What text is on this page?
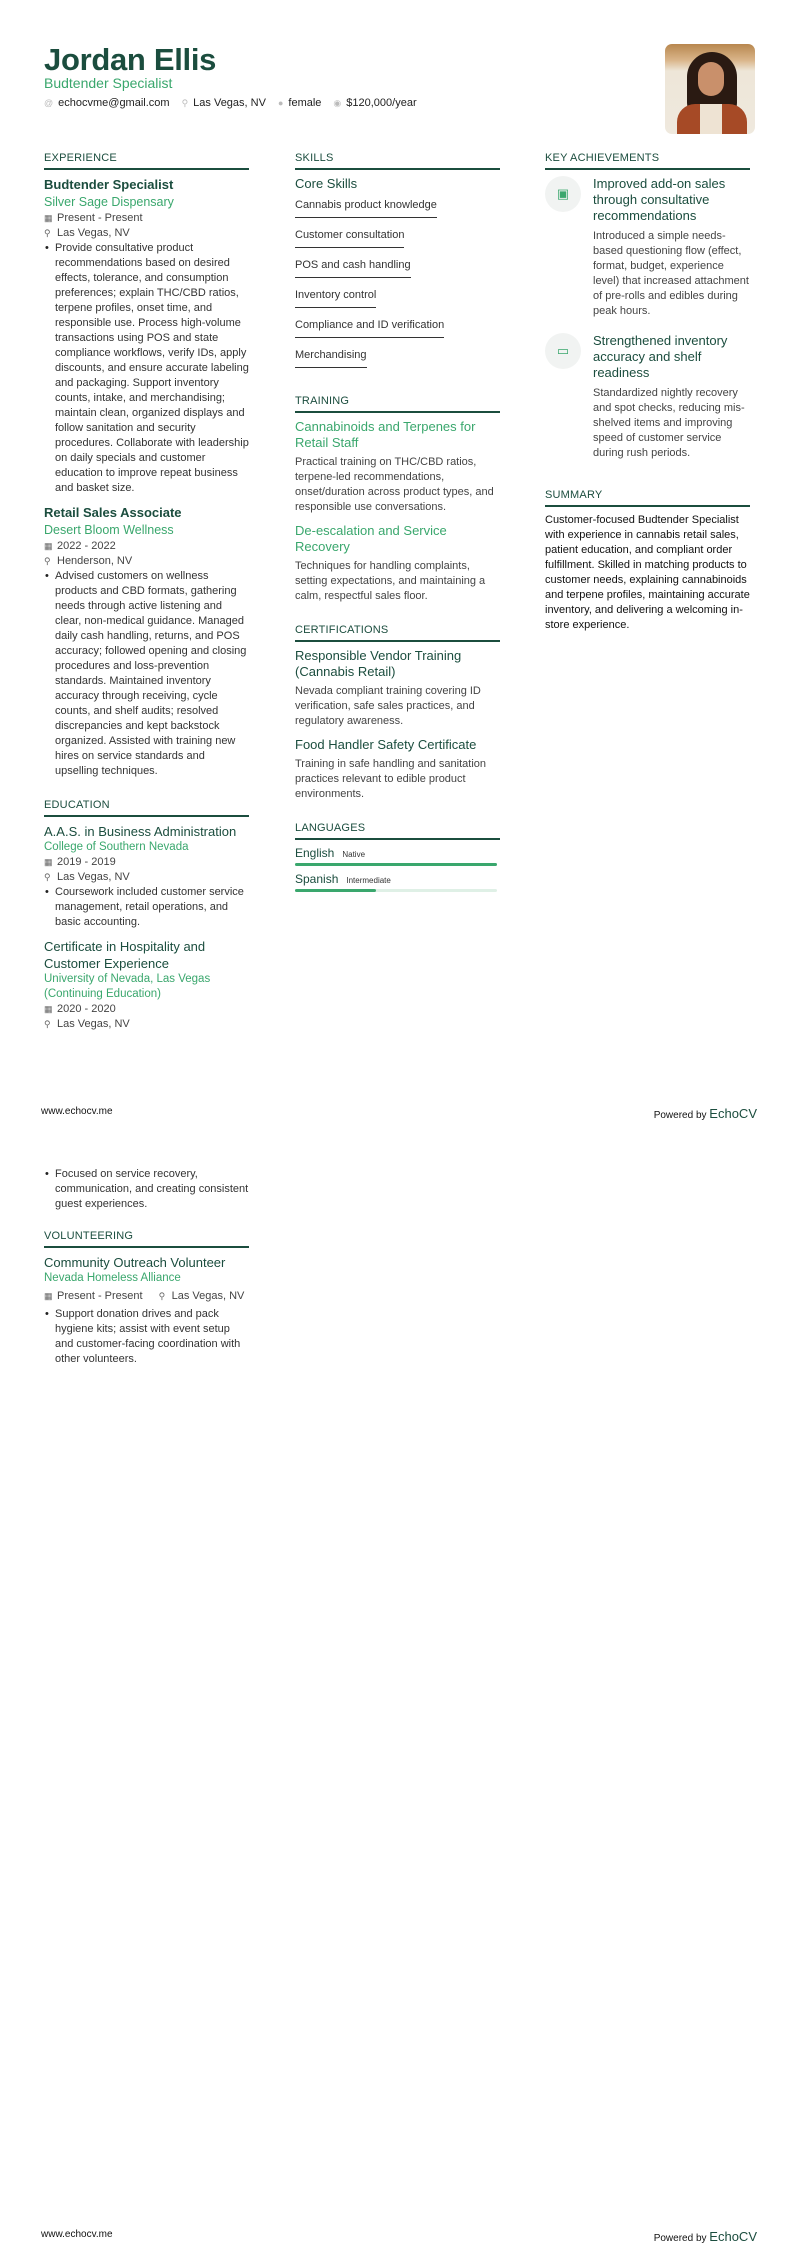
Jordan Ellis
Budtender Specialist
@ echocvme@gmail.com ⚲ Las Vegas, NV ● female ◉ $120,000/year
EXPERIENCE
Budtender Specialist
Silver Sage Dispensary
▦ Present - Present
⚲ Las Vegas, NV
• Provide consultative product recommendations based on desired effects, tolerance, and consumption preferences; explain THC/CBD ratios, terpene profiles, onset time, and responsible use. Process high-volume transactions using POS and state compliance workflows, verify IDs, apply discounts, and ensure accurate labeling and packaging. Support inventory counts, intake, and merchandising; maintain clean, organized displays and follow sanitation and security procedures. Collaborate with leadership on daily specials and customer education to improve repeat business and basket size.
Retail Sales Associate
Desert Bloom Wellness
▦ 2022 - 2022
⚲ Henderson, NV
• Advised customers on wellness products and CBD formats, gathering needs through active listening and clear, non-medical guidance. Managed daily cash handling, returns, and POS accuracy; followed opening and closing procedures and loss-prevention standards. Maintained inventory accuracy through receiving, cycle counts, and shelf audits; resolved discrepancies and kept backstock organized. Assisted with training new hires on service standards and upselling techniques.
EDUCATION
A.A.S. in Business Administration
College of Southern Nevada
▦ 2019 - 2019
⚲ Las Vegas, NV
• Coursework included customer service management, retail operations, and basic accounting.
Certificate in Hospitality and Customer Experience
University of Nevada, Las Vegas (Continuing Education)
▦ 2020 - 2020
⚲ Las Vegas, NV
SKILLS
Core Skills
Cannabis product knowledge
Customer consultation
POS and cash handling
Inventory control
Compliance and ID verification
Merchandising
TRAINING
Cannabinoids and Terpenes for Retail Staff
Practical training on THC/CBD ratios, terpene-led recommendations, onset/duration across product types, and responsible use conversations.
De-escalation and Service Recovery
Techniques for handling complaints, setting expectations, and maintaining a calm, respectful sales floor.
CERTIFICATIONS
Responsible Vendor Training (Cannabis Retail)
Nevada compliant training covering ID verification, safe sales practices, and regulatory awareness.
Food Handler Safety Certificate
Training in safe handling and sanitation practices relevant to edible product environments.
LANGUAGES
English Native
Spanish Intermediate
KEY ACHIEVEMENTS
▣
Improved add-on sales through consultative recommendations
Introduced a simple needs-based questioning flow (effect, format, budget, experience level) that increased attachment of pre-rolls and edibles during peak hours.
▭
Strengthened inventory accuracy and shelf readiness
Standardized nightly recovery and spot checks, reducing mis-shelved items and improving speed of customer service during rush periods.
SUMMARY
Customer-focused Budtender Specialist with experience in cannabis retail sales, patient education, and compliant order fulfillment. Skilled in matching products to customer needs, explaining cannabinoids and terpene profiles, maintaining accurate inventory, and delivering a welcoming in-store experience.
www.echocv.me	Powered by EchoCV
• Focused on service recovery, communication, and creating consistent guest experiences.
VOLUNTEERING
Community Outreach Volunteer
Nevada Homeless Alliance
▦ Present - Present ⚲ Las Vegas, NV
• Support donation drives and pack hygiene kits; assist with event setup and customer-facing coordination with other volunteers.
www.echocv.me	Powered by EchoCV
